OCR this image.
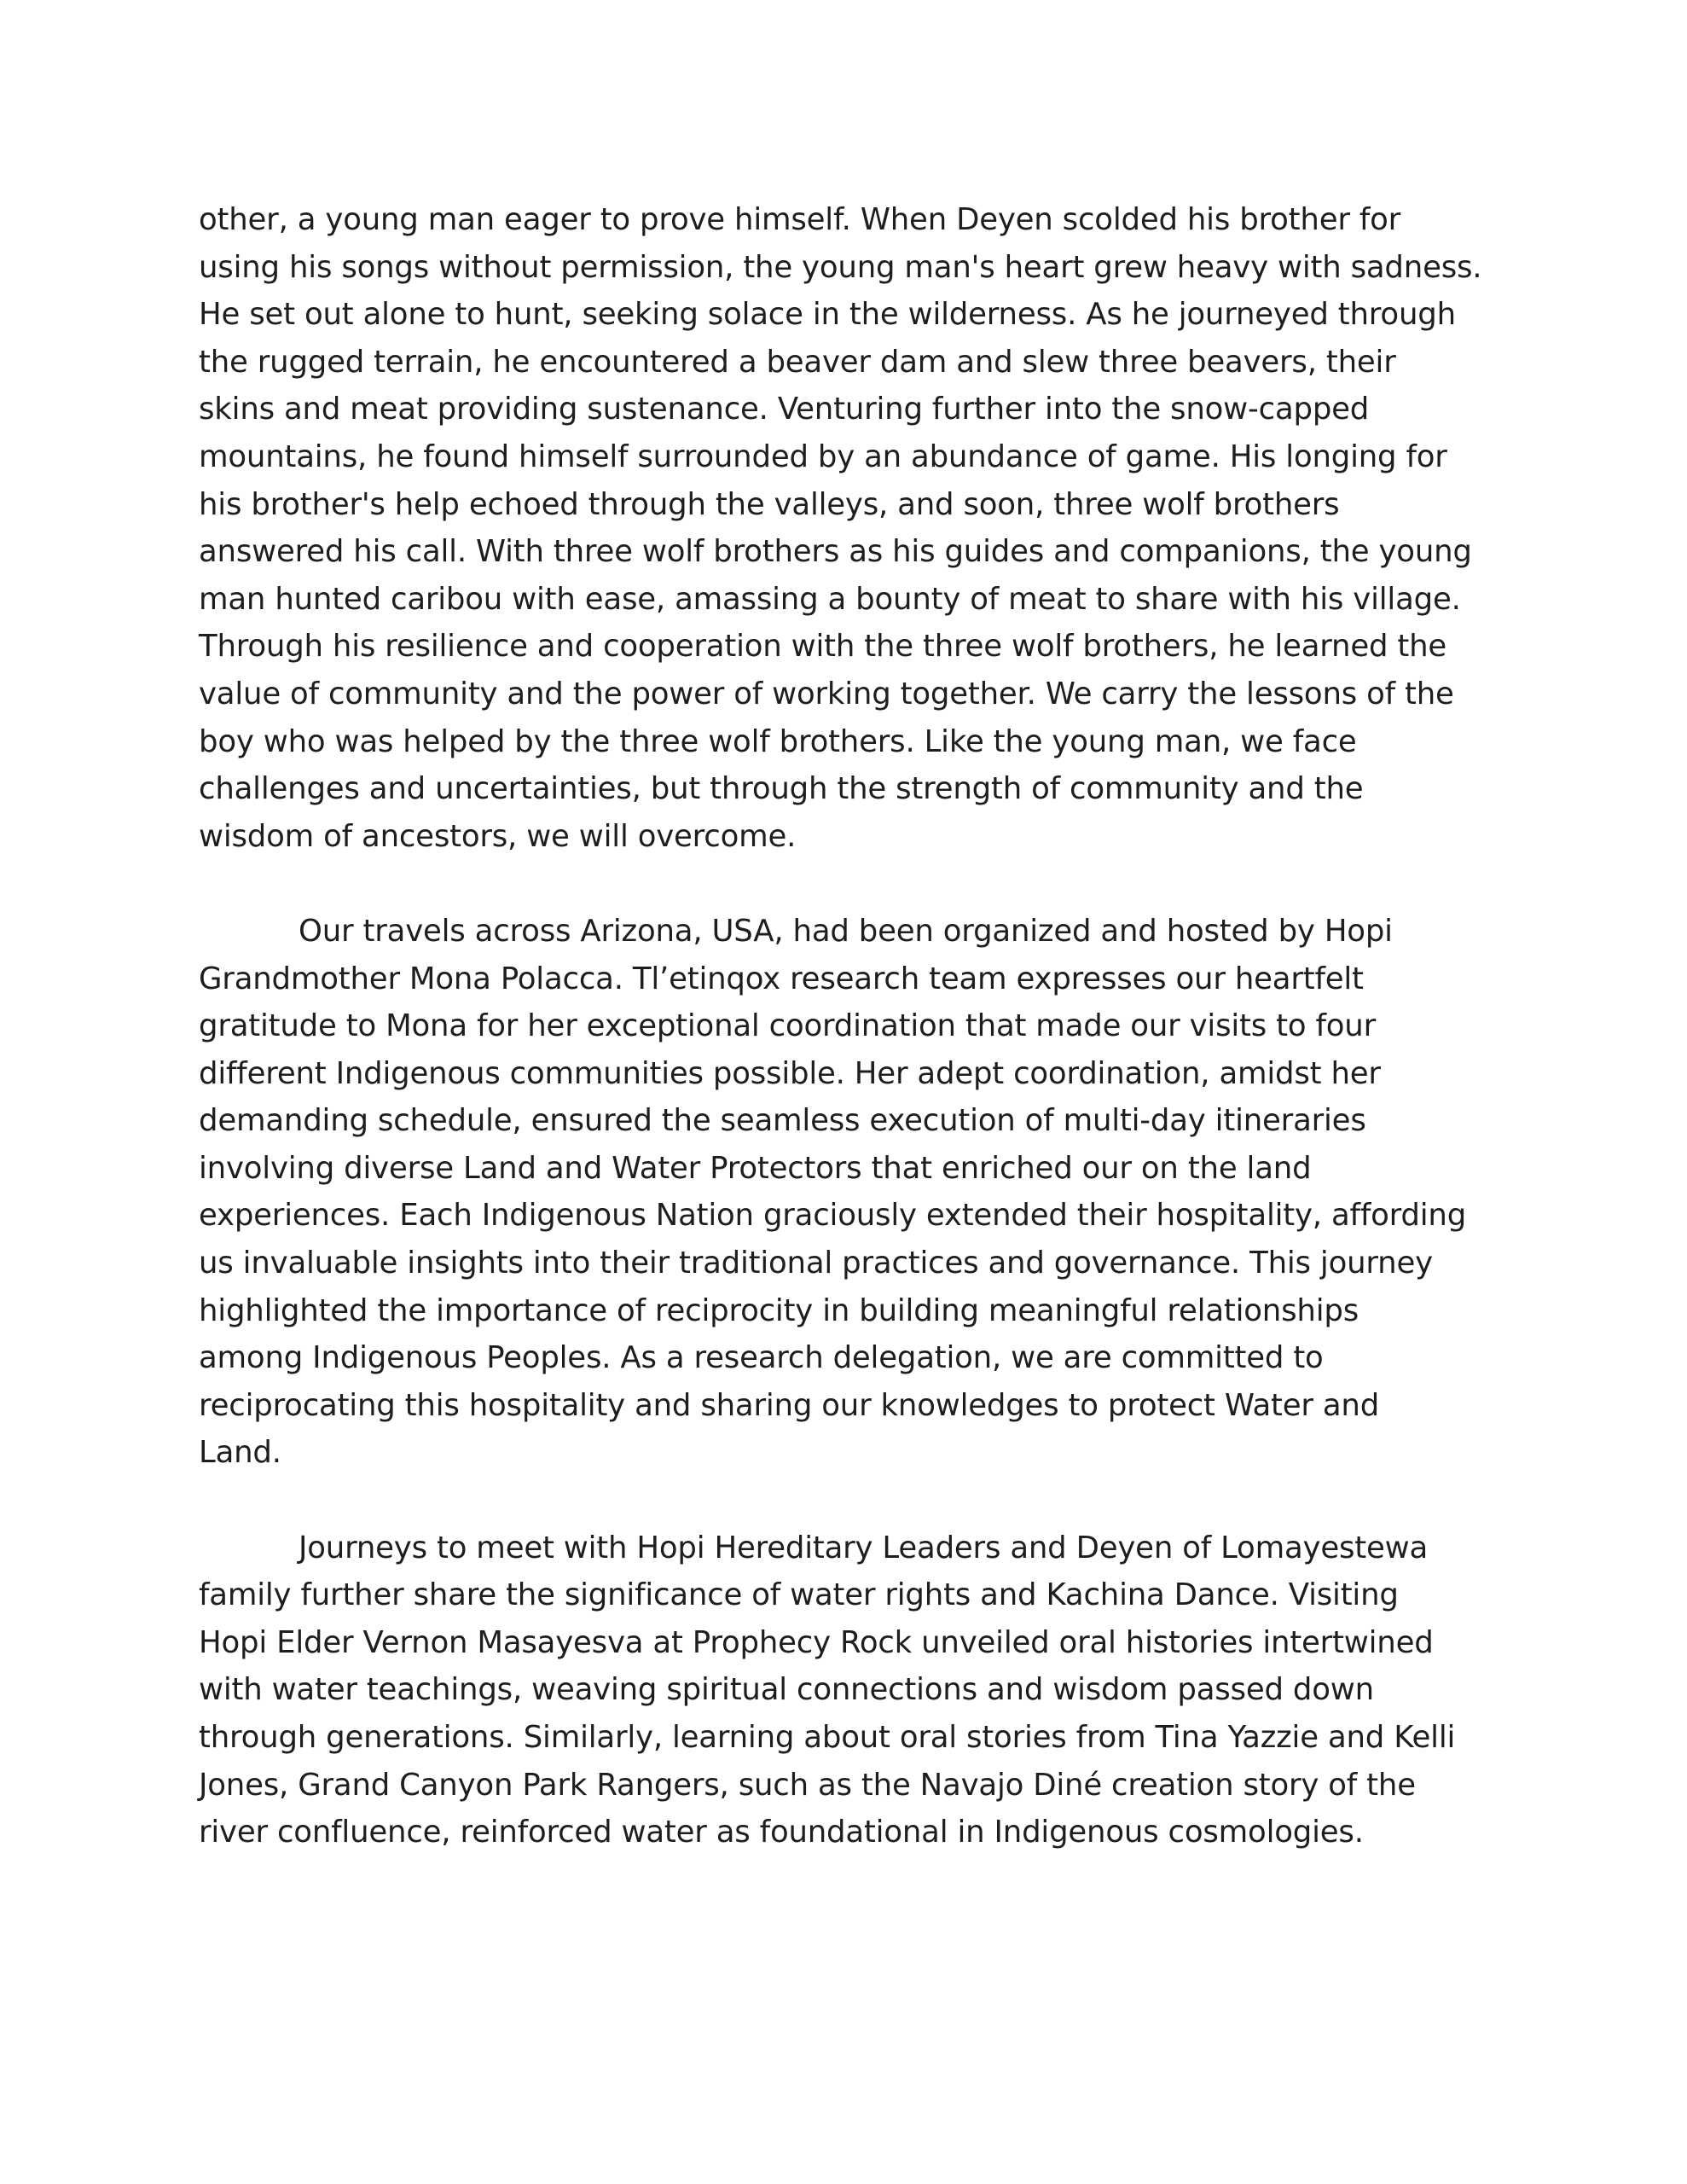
other, a young man eager to prove himself. When Deyen scolded his brother for
using his songs without permission, the young man's heart grew heavy with sadness.
He set out alone to hunt, seeking solace in the wilderness. As he journeyed through
the rugged terrain, he encountered a beaver dam and slew three beavers, their
skins and meat providing sustenance. Venturing further into the snow-capped
mountains, he found himself surrounded by an abundance of game. His longing for
his brother's help echoed through the valleys, and soon, three wolf brothers
answered his call. With three wolf brothers as his guides and companions, the young
man hunted caribou with ease, amassing a bounty of meat to share with his village.
Through his resilience and cooperation with the three wolf brothers, he learned the
value of community and the power of working together. We carry the lessons of the
boy who was helped by the three wolf brothers. Like the young man, we face
challenges and uncertainties, but through the strength of community and the
wisdom of ancestors, we will overcome.

Our travels across Arizona, USA, had been organized and hosted by Hopi
Grandmother Mona Polacca. Tl’etinqox research team expresses our heartfelt
gratitude to Mona for her exceptional coordination that made our visits to four
different Indigenous communities possible. Her adept coordination, amidst her
demanding schedule, ensured the seamless execution of multi-day itineraries
involving diverse Land and Water Protectors that enriched our on the land
experiences. Each Indigenous Nation graciously extended their hospitality, affording
us invaluable insights into their traditional practices and governance. This journey
highlighted the importance of reciprocity in building meaningful relationships
among Indigenous Peoples. As a research delegation, we are committed to
reciprocating this hospitality and sharing our knowledges to protect Water and
Land.

Journeys to meet with Hopi Hereditary Leaders and Deyen of Lomayestewa
family further share the significance of water rights and Kachina Dance. Visiting
Hopi Elder Vernon Masayesva at Prophecy Rock unveiled oral histories intertwined
with water teachings, weaving spiritual connections and wisdom passed down
through generations. Similarly, learning about oral stories from Tina Yazzie and Kelli
Jones, Grand Canyon Park Rangers, such as the Navajo Diné creation story of the
river confluence, reinforced water as foundational in Indigenous cosmologies.
